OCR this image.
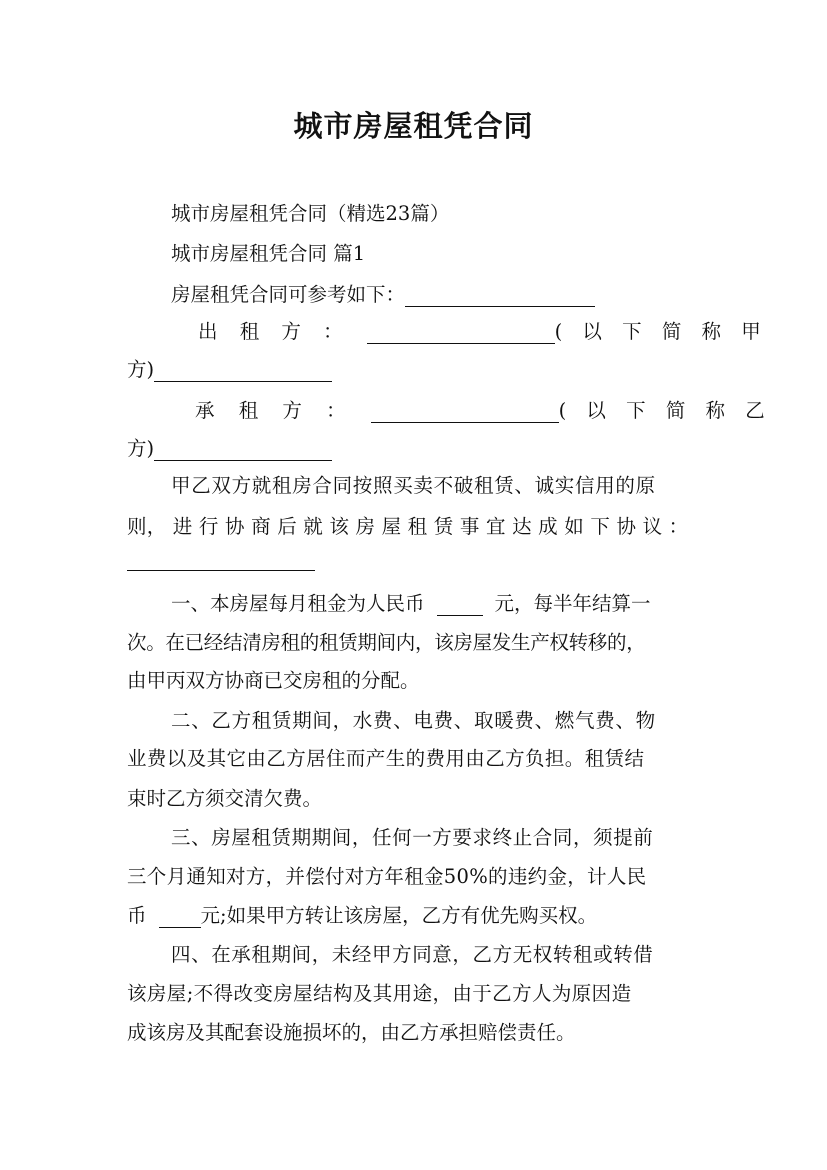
城市房屋租凭合同
城市房屋租凭合同（精选23篇）
城市房屋租凭合同 篇1
房屋租凭合同可参考如下：
出 租 方 ：	( 以 下 简 称 甲
方)
承 租 方 ：	( 以 下 简 称 乙
方)
甲乙双方就租房合同按照买卖不破租赁、诚实信用的原
则， 进 行 协 商 后 就 该 房 屋 租 赁 事 宜 达 成 如 下 协 议 ：
一、本房屋每月租金为人民币	元，每半年结算一
次。在已经结清房租的租赁期间内，该房屋发生产权转移的，
由甲丙双方协商已交房租的分配。
二、乙方租赁期间，水费、电费、取暖费、燃气费、物
业费以及其它由乙方居住而产生的费用由乙方负担。租赁结
束时乙方须交清欠费。
三、房屋租赁期期间，任何一方要求终止合同，须提前
三个月通知对方，并偿付对方年租金50%的违约金，计人民
币	元;如果甲方转让该房屋，乙方有优先购买权。
四、在承租期间，未经甲方同意，乙方无权转租或转借
该房屋;不得改变房屋结构及其用途，由于乙方人为原因造
成该房及其配套设施损坏的，由乙方承担赔偿责任。
